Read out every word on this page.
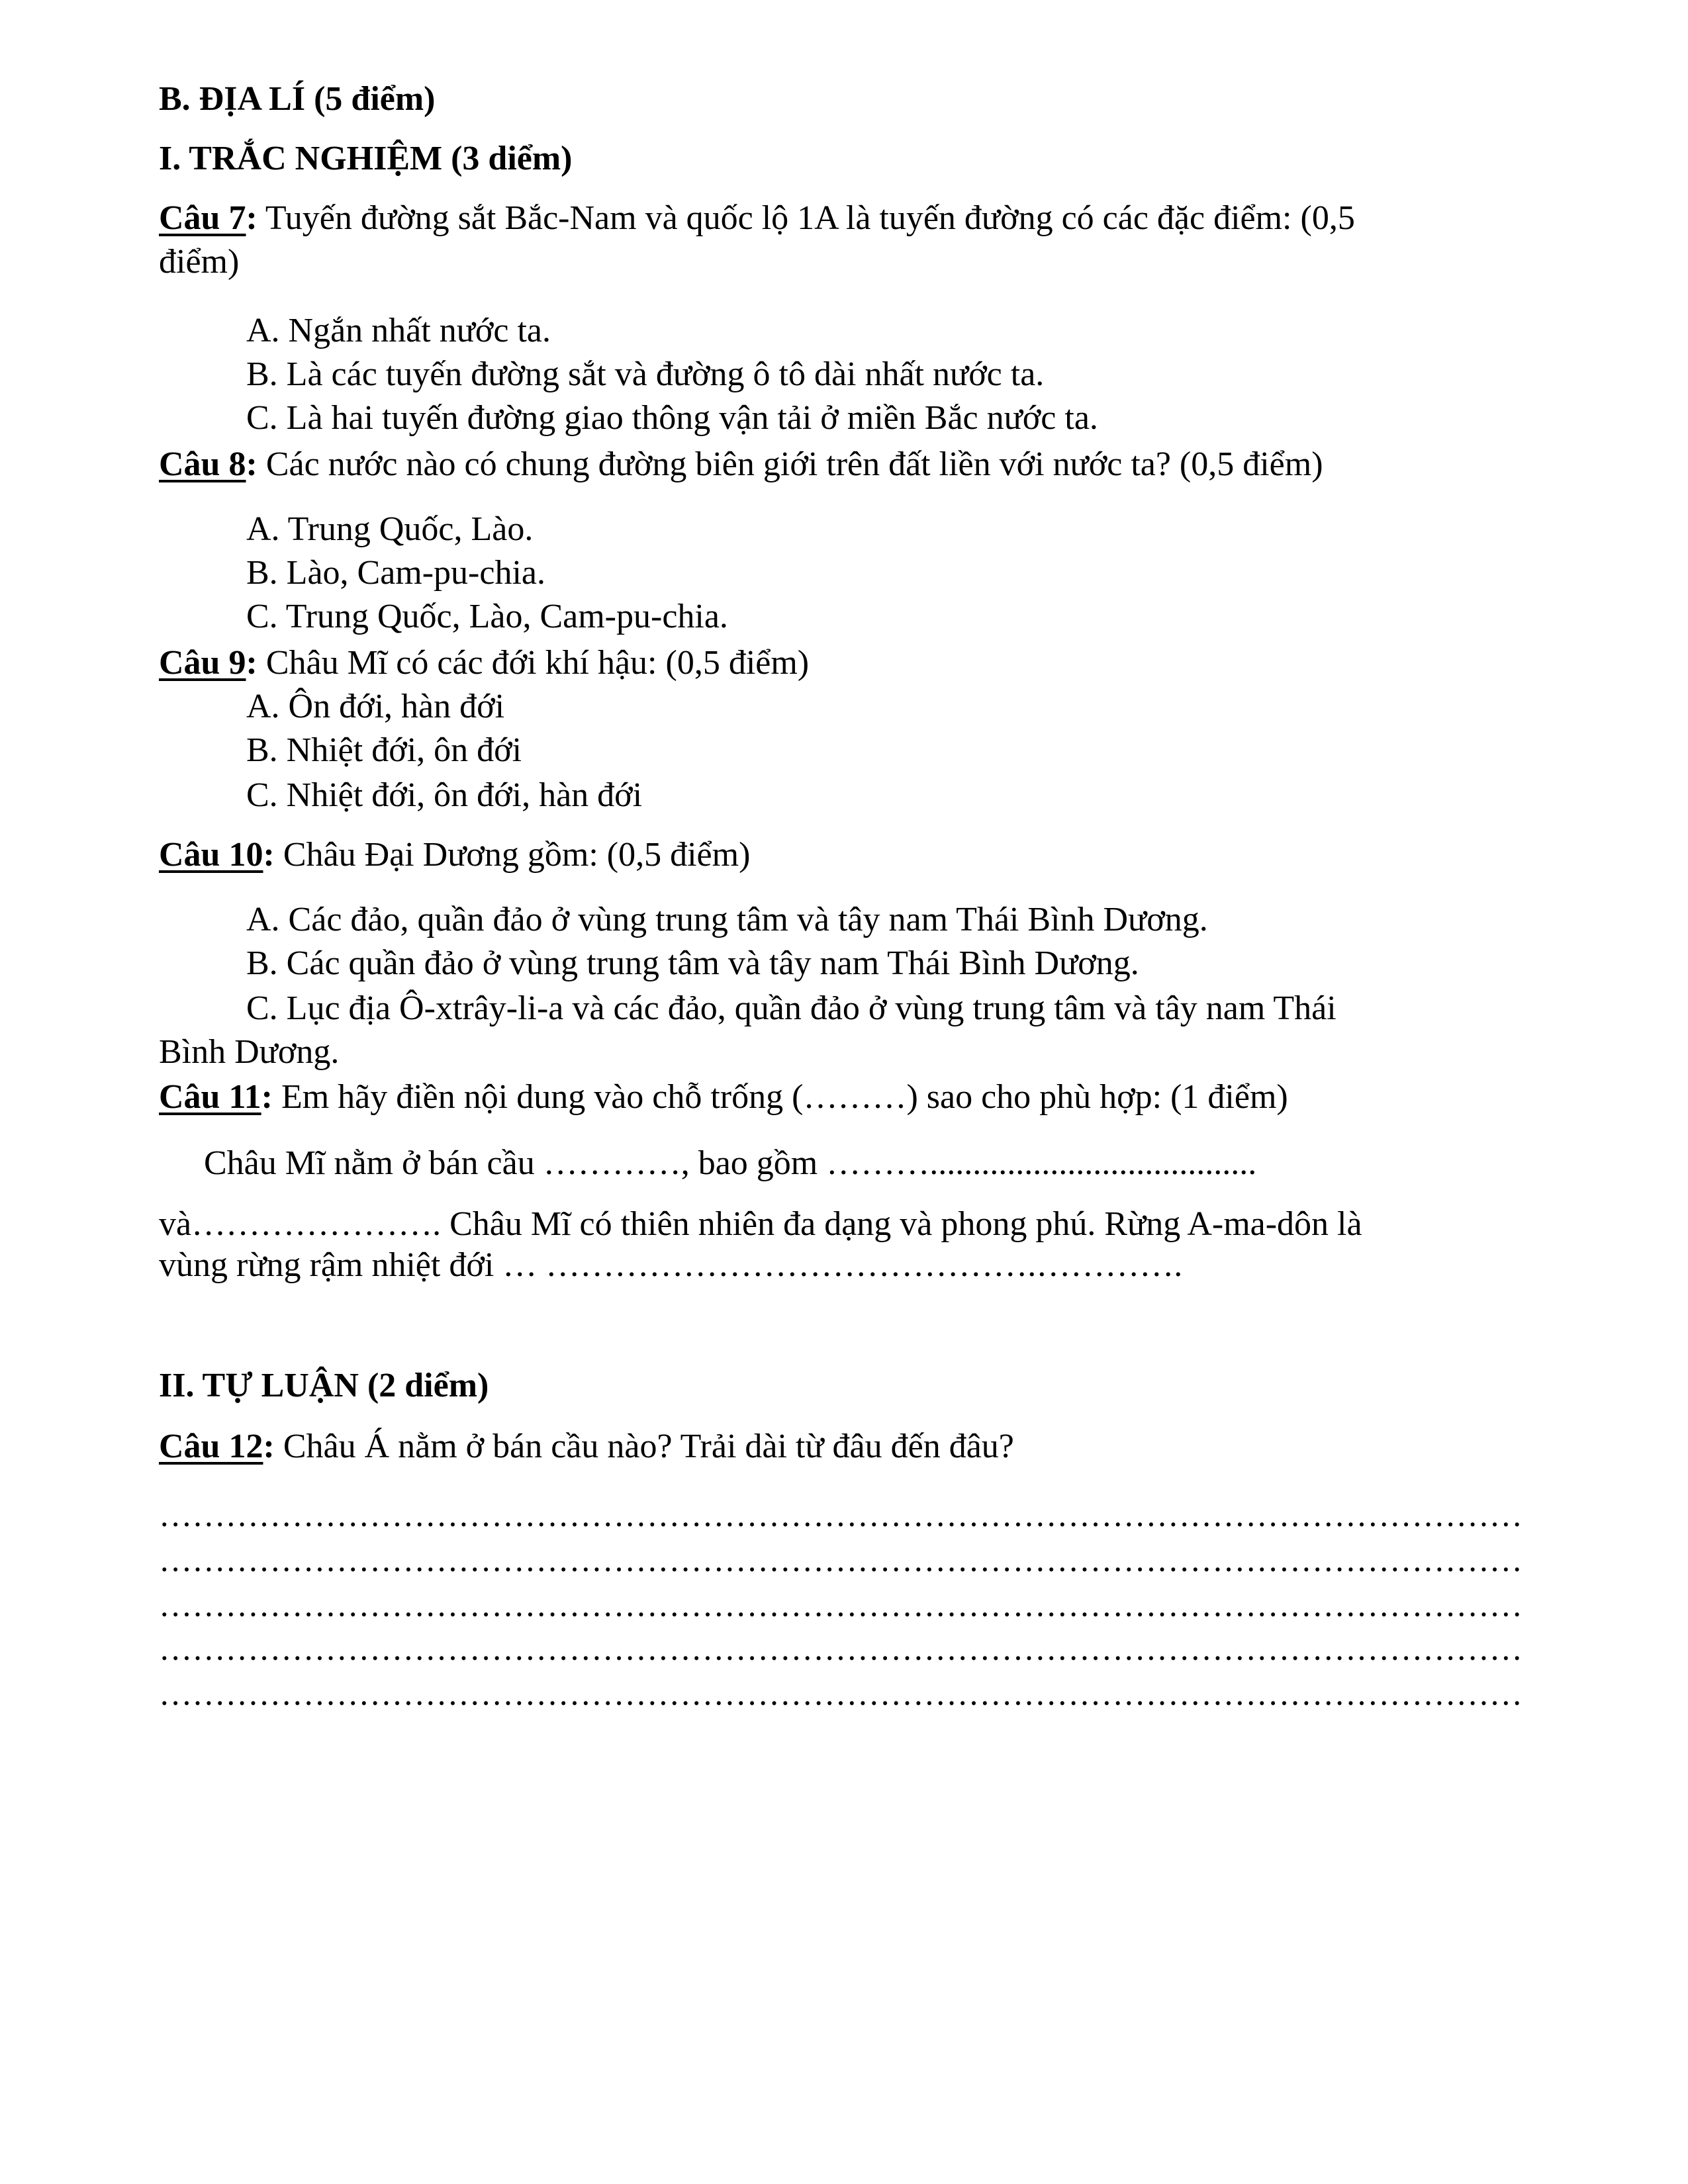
B. ĐỊA LÍ (5 điểm)
I. TRẮC NGHIỆM (3 diểm)
Câu 7: Tuyến đường sắt Bắc-Nam và quốc lộ 1A là tuyến đường có các đặc điểm: (0,5
điểm)
A. Ngắn nhất nước ta.
B. Là các tuyến đường sắt và đường ô tô dài nhất nước ta.
C. Là hai tuyến đường giao thông vận tải ở miền Bắc nước ta.
Câu 8: Các nước nào có chung đường biên giới trên đất liền với nước ta? (0,5 điểm)
A. Trung Quốc, Lào.
B. Lào, Cam-pu-chia.
C. Trung Quốc, Lào, Cam-pu-chia.
Câu 9: Châu Mĩ có các đới khí hậu: (0,5 điểm)
A. Ôn đới, hàn đới
B. Nhiệt đới, ôn đới
C. Nhiệt đới, ôn đới, hàn đới
Câu 10: Châu Đại Dương gồm: (0,5 điểm)
A. Các đảo, quần đảo ở vùng trung tâm và tây nam Thái Bình Dương.
B. Các quần đảo ở vùng trung tâm và tây nam Thái Bình Dương.
C. Lục địa Ô-xtrây-li-a và các đảo, quần đảo ở vùng trung tâm và tây nam Thái
Bình Dương.
Câu 11: Em hãy điền nội dung vào chỗ trống (………) sao cho phù hợp: (1 điểm)
Châu Mĩ nằm ở bán cầu …………, bao gồm ………......................................
và…………………. Châu Mĩ có thiên nhiên đa dạng và phong phú. Rừng A-ma-dôn là
vùng rừng rậm nhiệt đới … …………………………………….………….
II. TỰ LUẬN (2 diểm)
Câu 12: Châu Á nằm ở bán cầu nào? Trải dài từ đâu đến đâu?
……………………………………………………………………………………………………………
……………………………………………………………………………………………………………
……………………………………………………………………………………………………………
……………………………………………………………………………………………………………
……………………………………………………………………………………………………………
